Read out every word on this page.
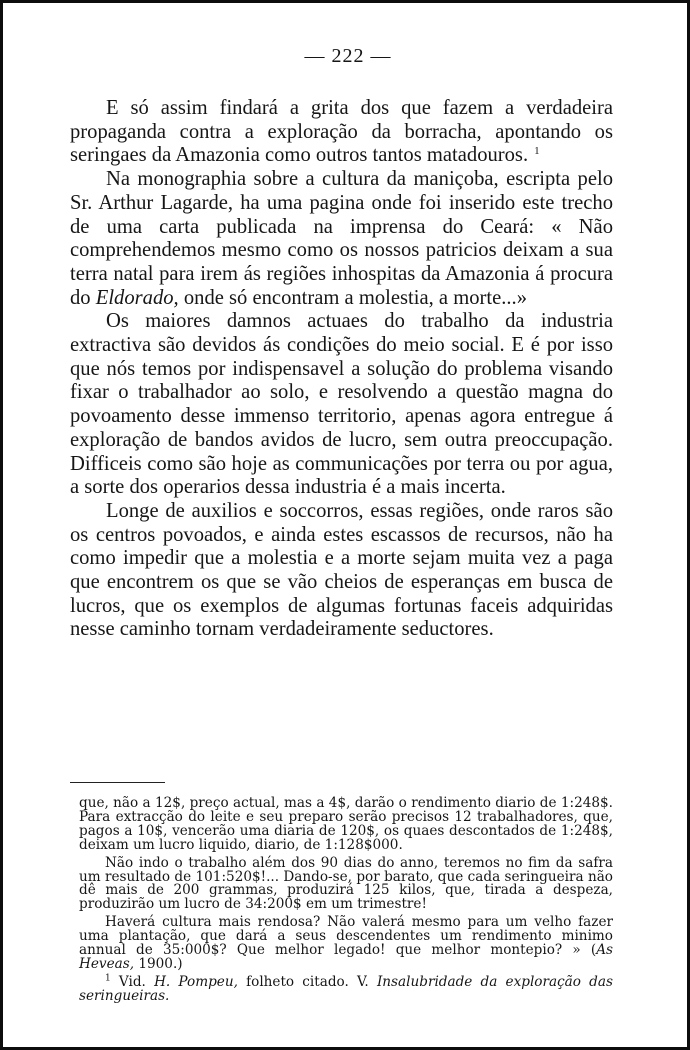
— 222 —

E só assim findará a grita dos que fazem a verdadeira propaganda contra a exploração da borracha, apontando os seringaes da Amazonia como outros tantos matadouros. $^1$

Na monographia sobre a cultura da maniçoba, escripta pelo Sr. Arthur Lagarde, ha uma pagina onde foi inserido este trecho de uma carta publicada na imprensa do Ceará: « Não comprehendemos mesmo como os nossos patricios deixam a sua terra natal para irem ás regiões inhospitas da Amazonia á procura do Eldorado, onde só encontram a molestia, a morte...»

Os maiores damnos actuaes do trabalho da industria extractiva são devidos ás condições do meio social. E é por isso que nós temos por indispensavel a solução do problema visando fixar o trabalhador ao solo, e resolvendo a questão magna do povoamento desse immenso territorio, apenas agora entregue á exploração de bandos avidos de lucro, sem outra preoccupação. Difficeis como são hoje as communicações por terra ou por agua, a sorte dos operarios dessa industria é a mais incerta.

Longe de auxilios e soccorros, essas regiões, onde raros são os centros povoados, e ainda estes escassos de recursos, não ha como impedir que a molestia e a morte sejam muita vez a paga que encontrem os que se vão cheios de esperanças em busca de lucros, que os exemplos de algumas fortunas faceis adquiridas nesse caminho tornam verdadeiramente seductores.

que, não a 12$, preço actual, mas a 4$, darão o rendimento diario de 1:248$. Para extracção do leite e seu preparo serão precisos 12 trabalhadores, que, pagos a 10$, vencerão uma diaria de 120$, os quaes descontados de 1:248$, deixam um lucro liquido, diario, de 1:128$000.

Não indo o trabalho além dos 90 dias do anno, teremos no fim da safra um resultado de 101:520$!... Dando-se, por barato, que cada seringueira não dê mais de 200 grammas, produzirá 125 kilos, que, tirada a despeza, produzirão um lucro de 34:200$ em um trimestre!

Haverá cultura mais rendosa? Não valerá mesmo para um velho fazer uma plantação, que dará a seus descendentes um rendimento minimo annual de 35:000$? Que melhor legado! que melhor montepio? » (As Heveas, 1900.)

$^1$ Vid. H. Pompeu, folheto citado. V. Insalubridade da exploração das seringueiras.
